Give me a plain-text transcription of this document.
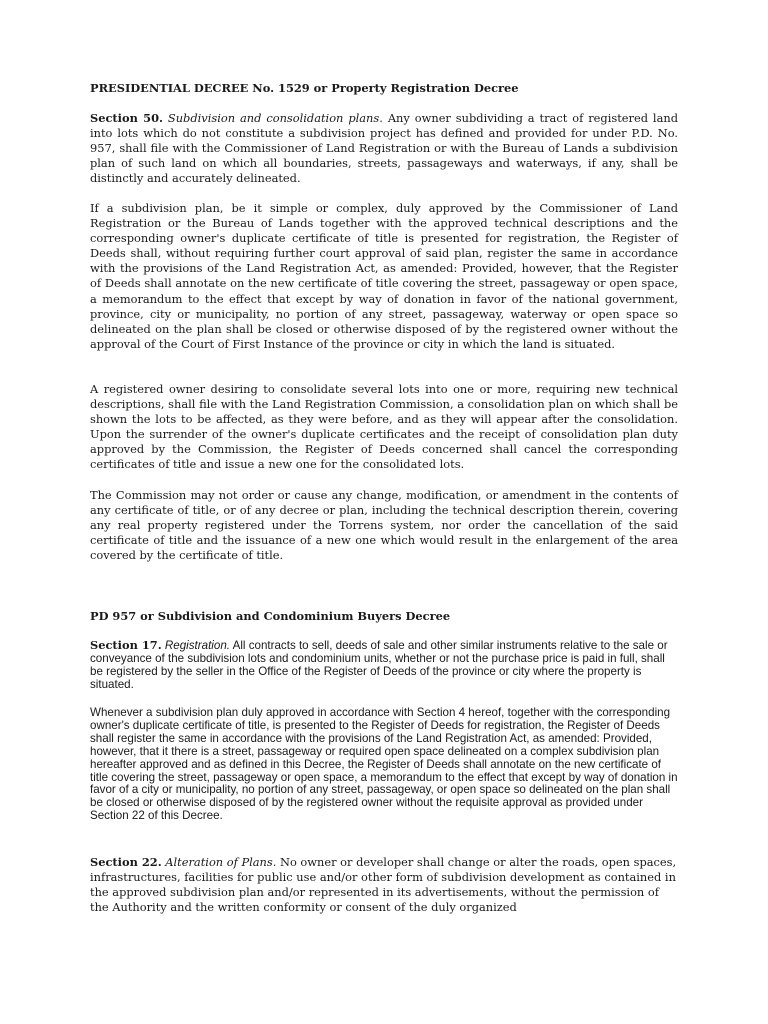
PRESIDENTIAL DECREE No. 1529 or Property Registration Decree

Section 50. Subdivision and consolidation plans. Any owner subdividing a tract of registered land into lots which do not constitute a subdivision project has defined and provided for under P.D. No. 957, shall file with the Commissioner of Land Registration or with the Bureau of Lands a subdivision plan of such land on which all boundaries, streets, passageways and waterways, if any, shall be distinctly and accurately delineated.

If a subdivision plan, be it simple or complex, duly approved by the Commissioner of Land Registration or the Bureau of Lands together with the approved technical descriptions and the corresponding owner's duplicate certificate of title is presented for registration, the Register of Deeds shall, without requiring further court approval of said plan, register the same in accordance with the provisions of the Land Registration Act, as amended: Provided, however, that the Register of Deeds shall annotate on the new certificate of title covering the street, passageway or open space, a memorandum to the effect that except by way of donation in favor of the national government, province, city or municipality, no portion of any street, passageway, waterway or open space so delineated on the plan shall be closed or otherwise disposed of by the registered owner without the approval of the Court of First Instance of the province or city in which the land is situated.

A registered owner desiring to consolidate several lots into one or more, requiring new technical descriptions, shall file with the Land Registration Commission, a consolidation plan on which shall be shown the lots to be affected, as they were before, and as they will appear after the consolidation. Upon the surrender of the owner's duplicate certificates and the receipt of consolidation plan duty approved by the Commission, the Register of Deeds concerned shall cancel the corresponding certificates of title and issue a new one for the consolidated lots.

The Commission may not order or cause any change, modification, or amendment in the contents of any certificate of title, or of any decree or plan, including the technical description therein, covering any real property registered under the Torrens system, nor order the cancellation of the said certificate of title and the issuance of a new one which would result in the enlargement of the area covered by the certificate of title.

PD 957 or Subdivision and Condominium Buyers Decree

Section 17. Registration. All contracts to sell, deeds of sale and other similar instruments relative to the sale or conveyance of the subdivision lots and condominium units, whether or not the purchase price is paid in full, shall be registered by the seller in the Office of the Register of Deeds of the province or city where the property is situated.

Whenever a subdivision plan duly approved in accordance with Section 4 hereof, together with the corresponding owner's duplicate certificate of title, is presented to the Register of Deeds for registration, the Register of Deeds shall register the same in accordance with the provisions of the Land Registration Act, as amended: Provided, however, that it there is a street, passageway or required open space delineated on a complex subdivision plan hereafter approved and as defined in this Decree, the Register of Deeds shall annotate on the new certificate of title covering the street, passageway or open space, a memorandum to the effect that except by way of donation in favor of a city or municipality, no portion of any street, passageway, or open space so delineated on the plan shall be closed or otherwise disposed of by the registered owner without the requisite approval as provided under Section 22 of this Decree.

Section 22. Alteration of Plans. No owner or developer shall change or alter the roads, open spaces, infrastructures, facilities for public use and/or other form of subdivision development as contained in the approved subdivision plan and/or represented in its advertisements, without the permission of the Authority and the written conformity or consent of the duly organized
